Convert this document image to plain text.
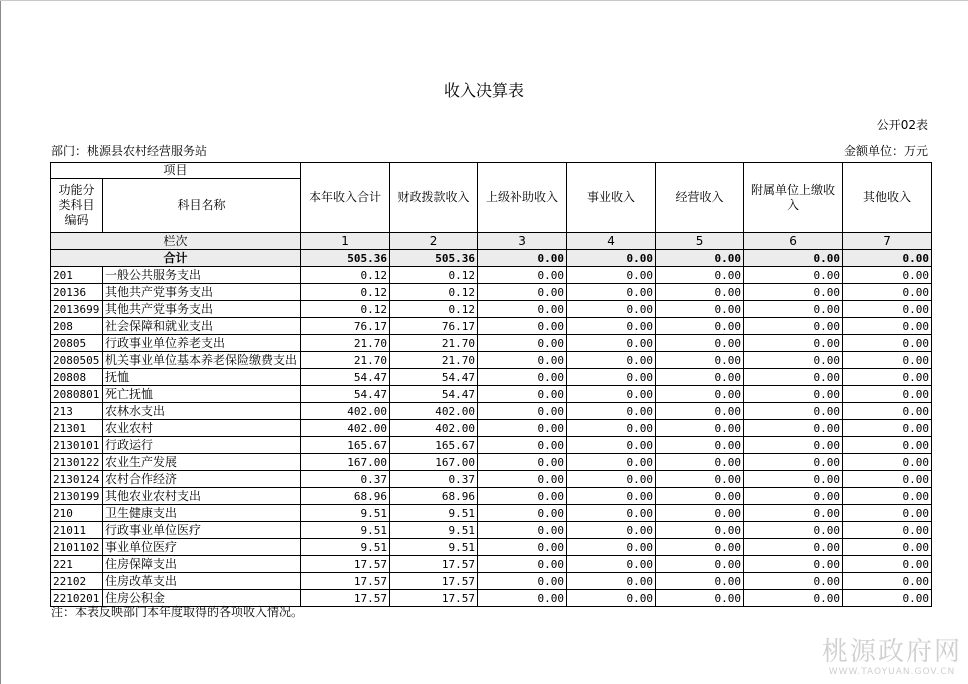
收入决算表
公开02表
部门：桃源县农村经营服务站	金额单位：万元
项目		本年收入合计	财政拨款收入	上级补助收入	事业收入	经营收入	附属单位上缴收入	其他收入
功能分类科目编码	科目名称							
栏次		1	2	3	4	5	6	7
合计		505.36	505.36	0.00	0.00	0.00	0.00	0.00
201	一般公共服务支出	0.12	0.12	0.00	0.00	0.00	0.00	0.00
20136	其他共产党事务支出	0.12	0.12	0.00	0.00	0.00	0.00	0.00
2013699	其他共产党事务支出	0.12	0.12	0.00	0.00	0.00	0.00	0.00
208	社会保障和就业支出	76.17	76.17	0.00	0.00	0.00	0.00	0.00
20805	行政事业单位养老支出	21.70	21.70	0.00	0.00	0.00	0.00	0.00
2080505	机关事业单位基本养老保险缴费支出	21.70	21.70	0.00	0.00	0.00	0.00	0.00
20808	抚恤	54.47	54.47	0.00	0.00	0.00	0.00	0.00
2080801	死亡抚恤	54.47	54.47	0.00	0.00	0.00	0.00	0.00
213	农林水支出	402.00	402.00	0.00	0.00	0.00	0.00	0.00
21301	农业农村	402.00	402.00	0.00	0.00	0.00	0.00	0.00
2130101	行政运行	165.67	165.67	0.00	0.00	0.00	0.00	0.00
2130122	农业生产发展	167.00	167.00	0.00	0.00	0.00	0.00	0.00
2130124	农村合作经济	0.37	0.37	0.00	0.00	0.00	0.00	0.00
2130199	其他农业农村支出	68.96	68.96	0.00	0.00	0.00	0.00	0.00
210	卫生健康支出	9.51	9.51	0.00	0.00	0.00	0.00	0.00
21011	行政事业单位医疗	9.51	9.51	0.00	0.00	0.00	0.00	0.00
2101102	事业单位医疗	9.51	9.51	0.00	0.00	0.00	0.00	0.00
221	住房保障支出	17.57	17.57	0.00	0.00	0.00	0.00	0.00
22102	住房改革支出	17.57	17.57	0.00	0.00	0.00	0.00	0.00
2210201	住房公积金	17.57	17.57	0.00	0.00	0.00	0.00	0.00
注：本表反映部门本年度取得的各项收入情况。
桃源政府网
WWW.TAOYUAN.GOV.CN
